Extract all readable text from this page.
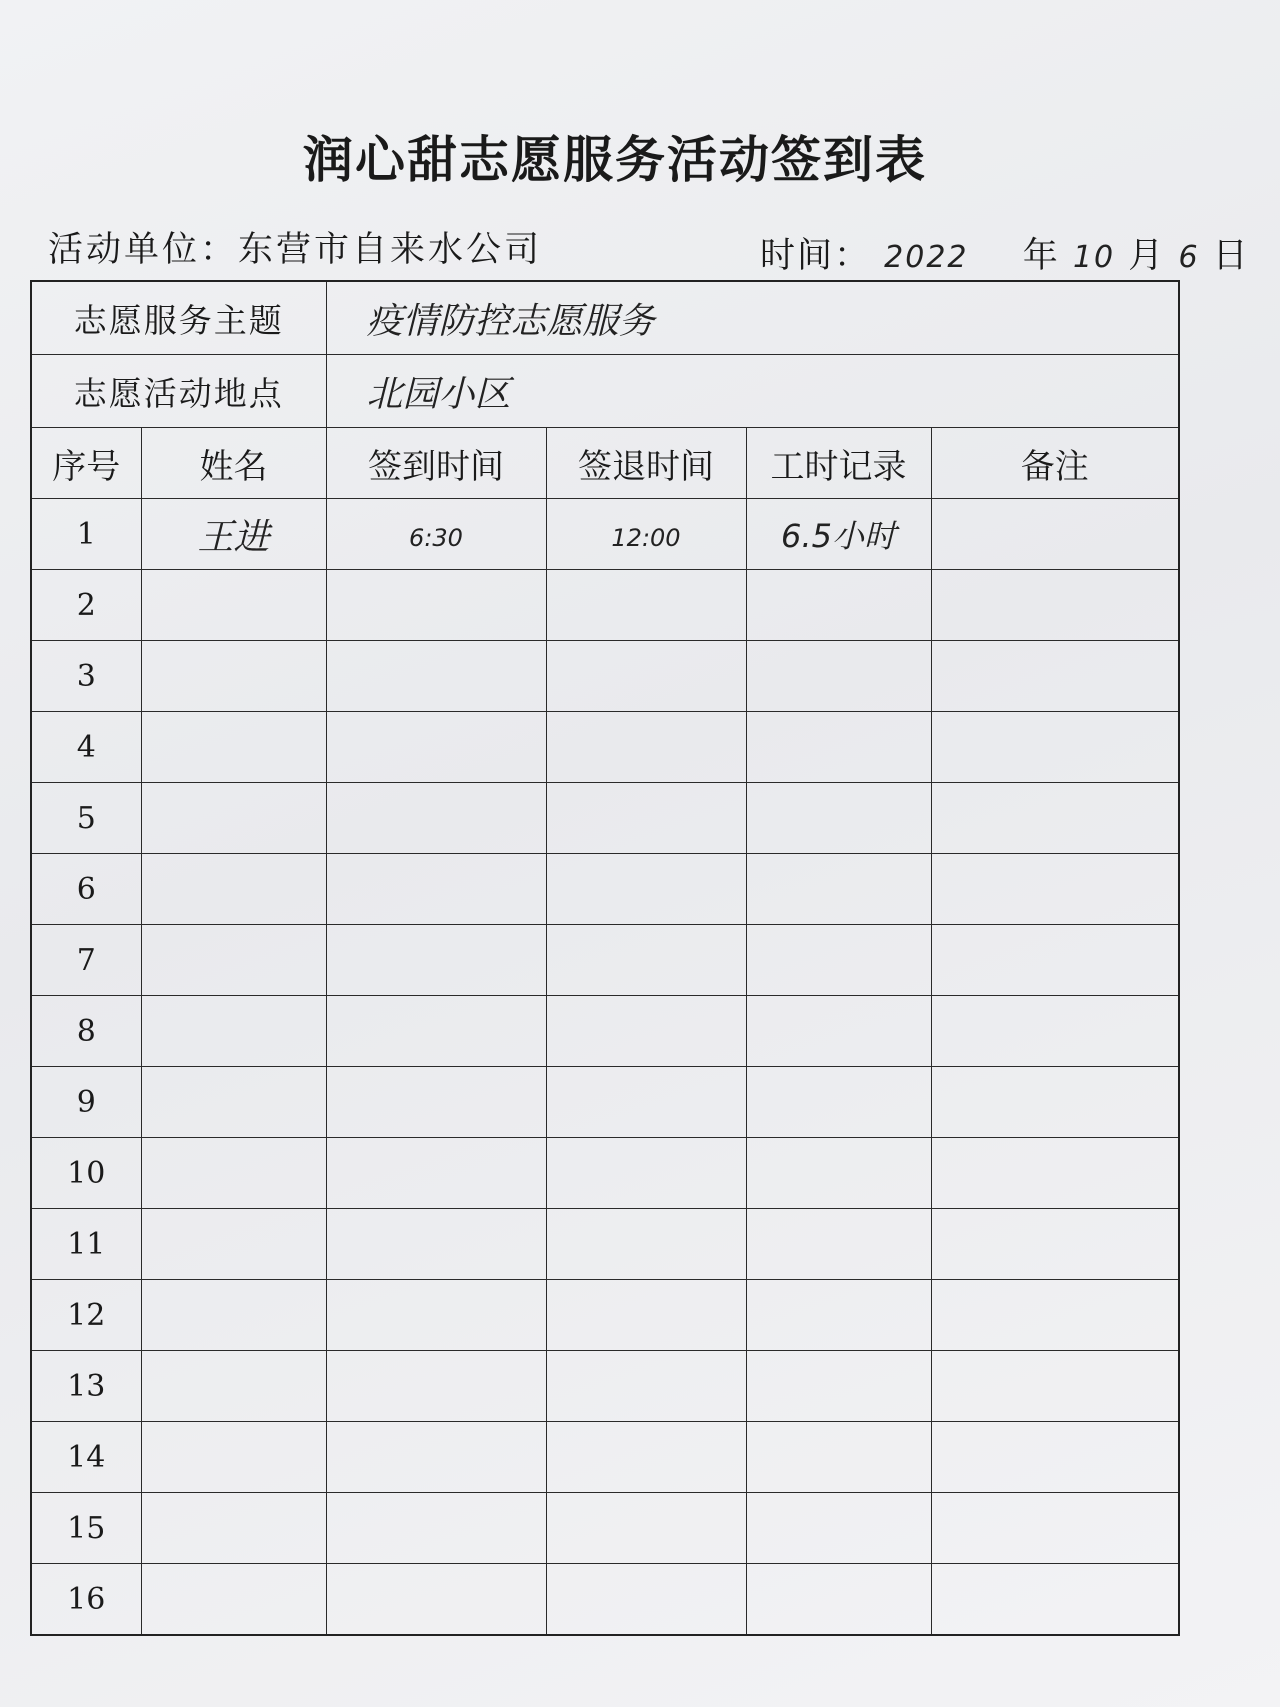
润心甜志愿服务活动签到表
活动单位：东营市自来水公司	时间： 2022 年 10 月 6 日
志愿服务主题		疫情防控志愿服务			
志愿活动地点		北园小区			
序号	姓名	签到时间	签退时间	工时记录	备注
1	王进	6:30	12:00	6.5小时	
2					
3					
4					
5					
6					
7					
8					
9					
10					
11					
12					
13					
14					
15					
16					
